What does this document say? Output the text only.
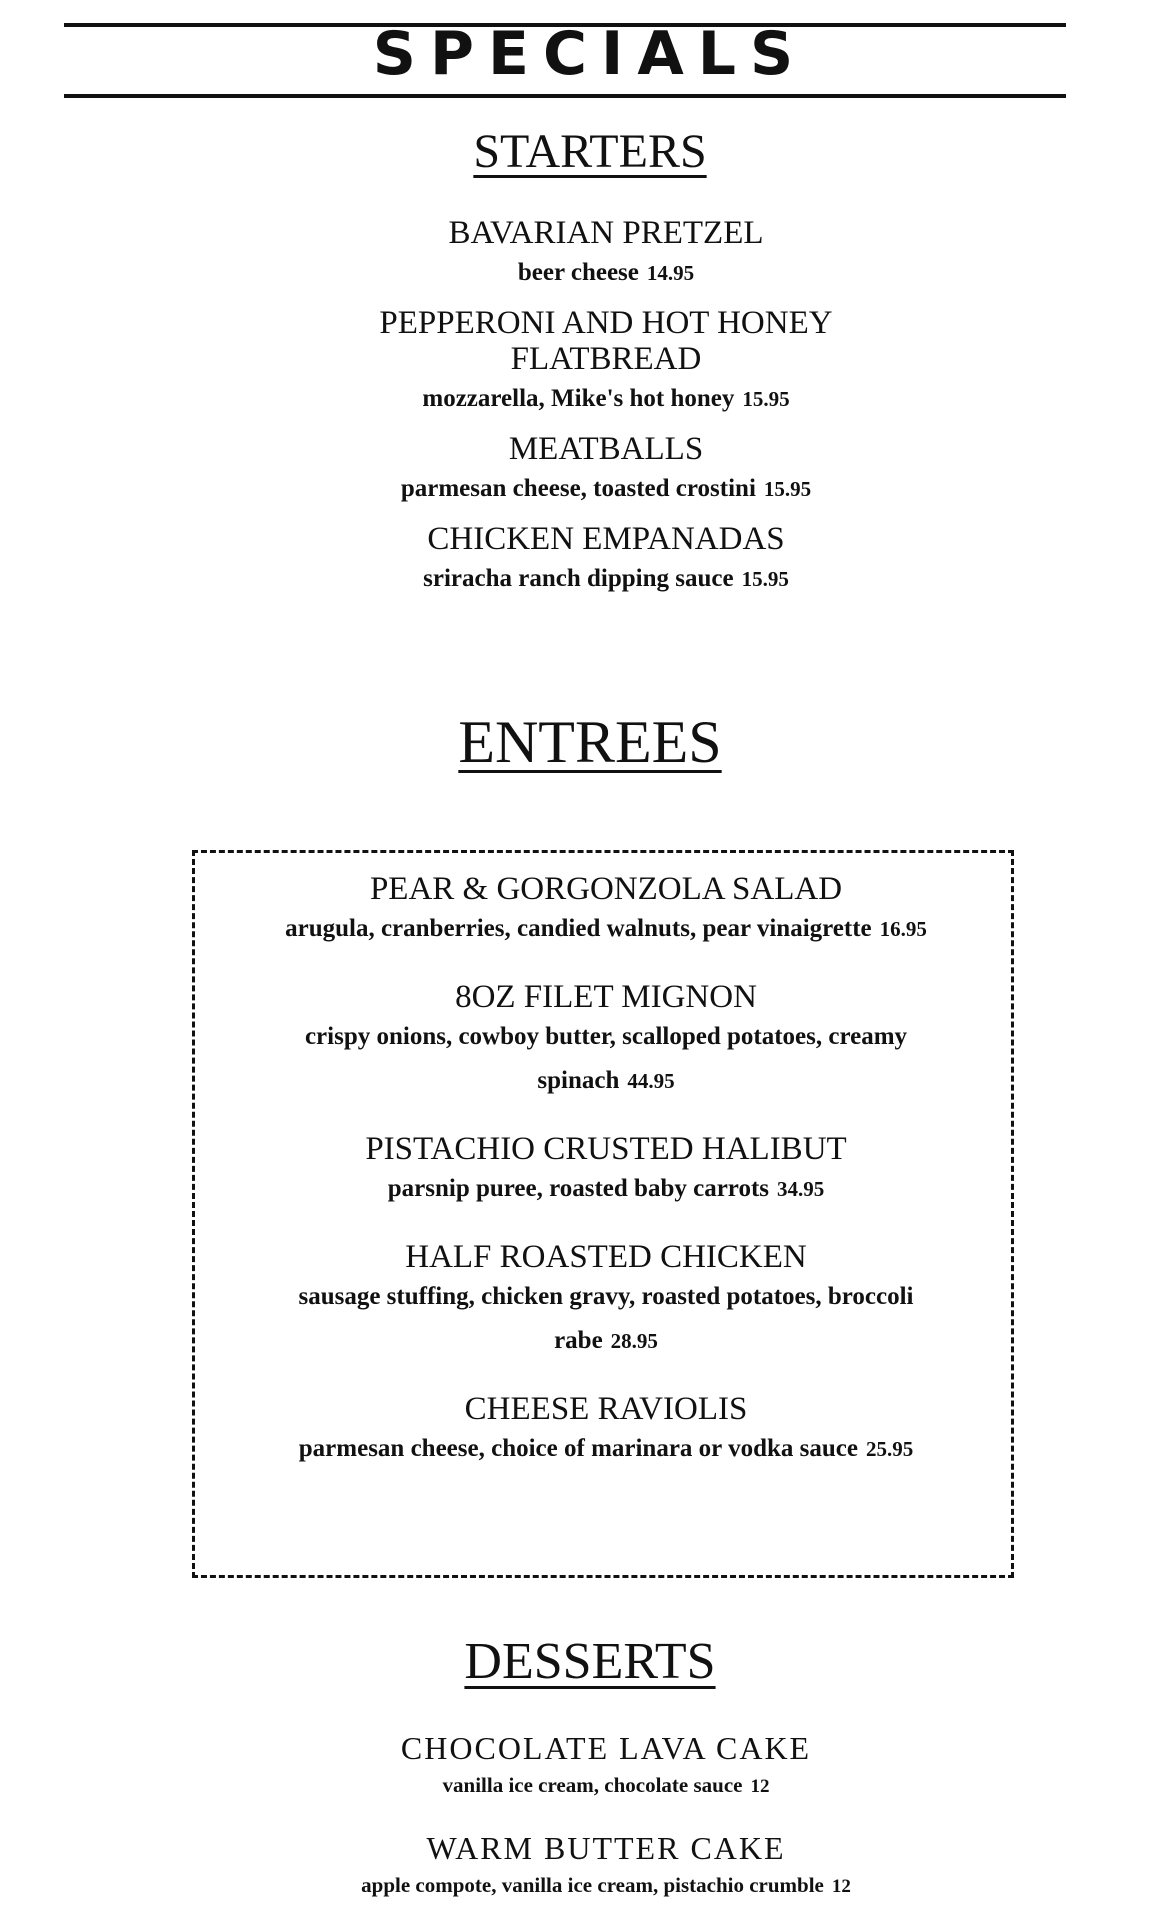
SPECIALS
STARTERS
BAVARIAN PRETZEL
beer cheese 14.95
PEPPERONI AND HOT HONEY FLATBREAD
mozzarella, Mike's hot honey 15.95
MEATBALLS
parmesan cheese, toasted crostini 15.95
CHICKEN EMPANADAS
sriracha ranch dipping sauce 15.95
ENTREES
PEAR & GORGONZOLA SALAD
arugula, cranberries, candied walnuts, pear vinaigrette 16.95
8OZ FILET MIGNON
crispy onions, cowboy butter, scalloped potatoes, creamy spinach 44.95
PISTACHIO CRUSTED HALIBUT
parsnip puree, roasted baby carrots 34.95
HALF ROASTED CHICKEN
sausage stuffing, chicken gravy, roasted potatoes, broccoli rabe 28.95
CHEESE RAVIOLIS
parmesan cheese, choice of marinara or vodka sauce 25.95
DESSERTS
CHOCOLATE LAVA CAKE
vanilla ice cream, chocolate sauce 12
WARM BUTTER CAKE
apple compote, vanilla ice cream, pistachio crumble 12
